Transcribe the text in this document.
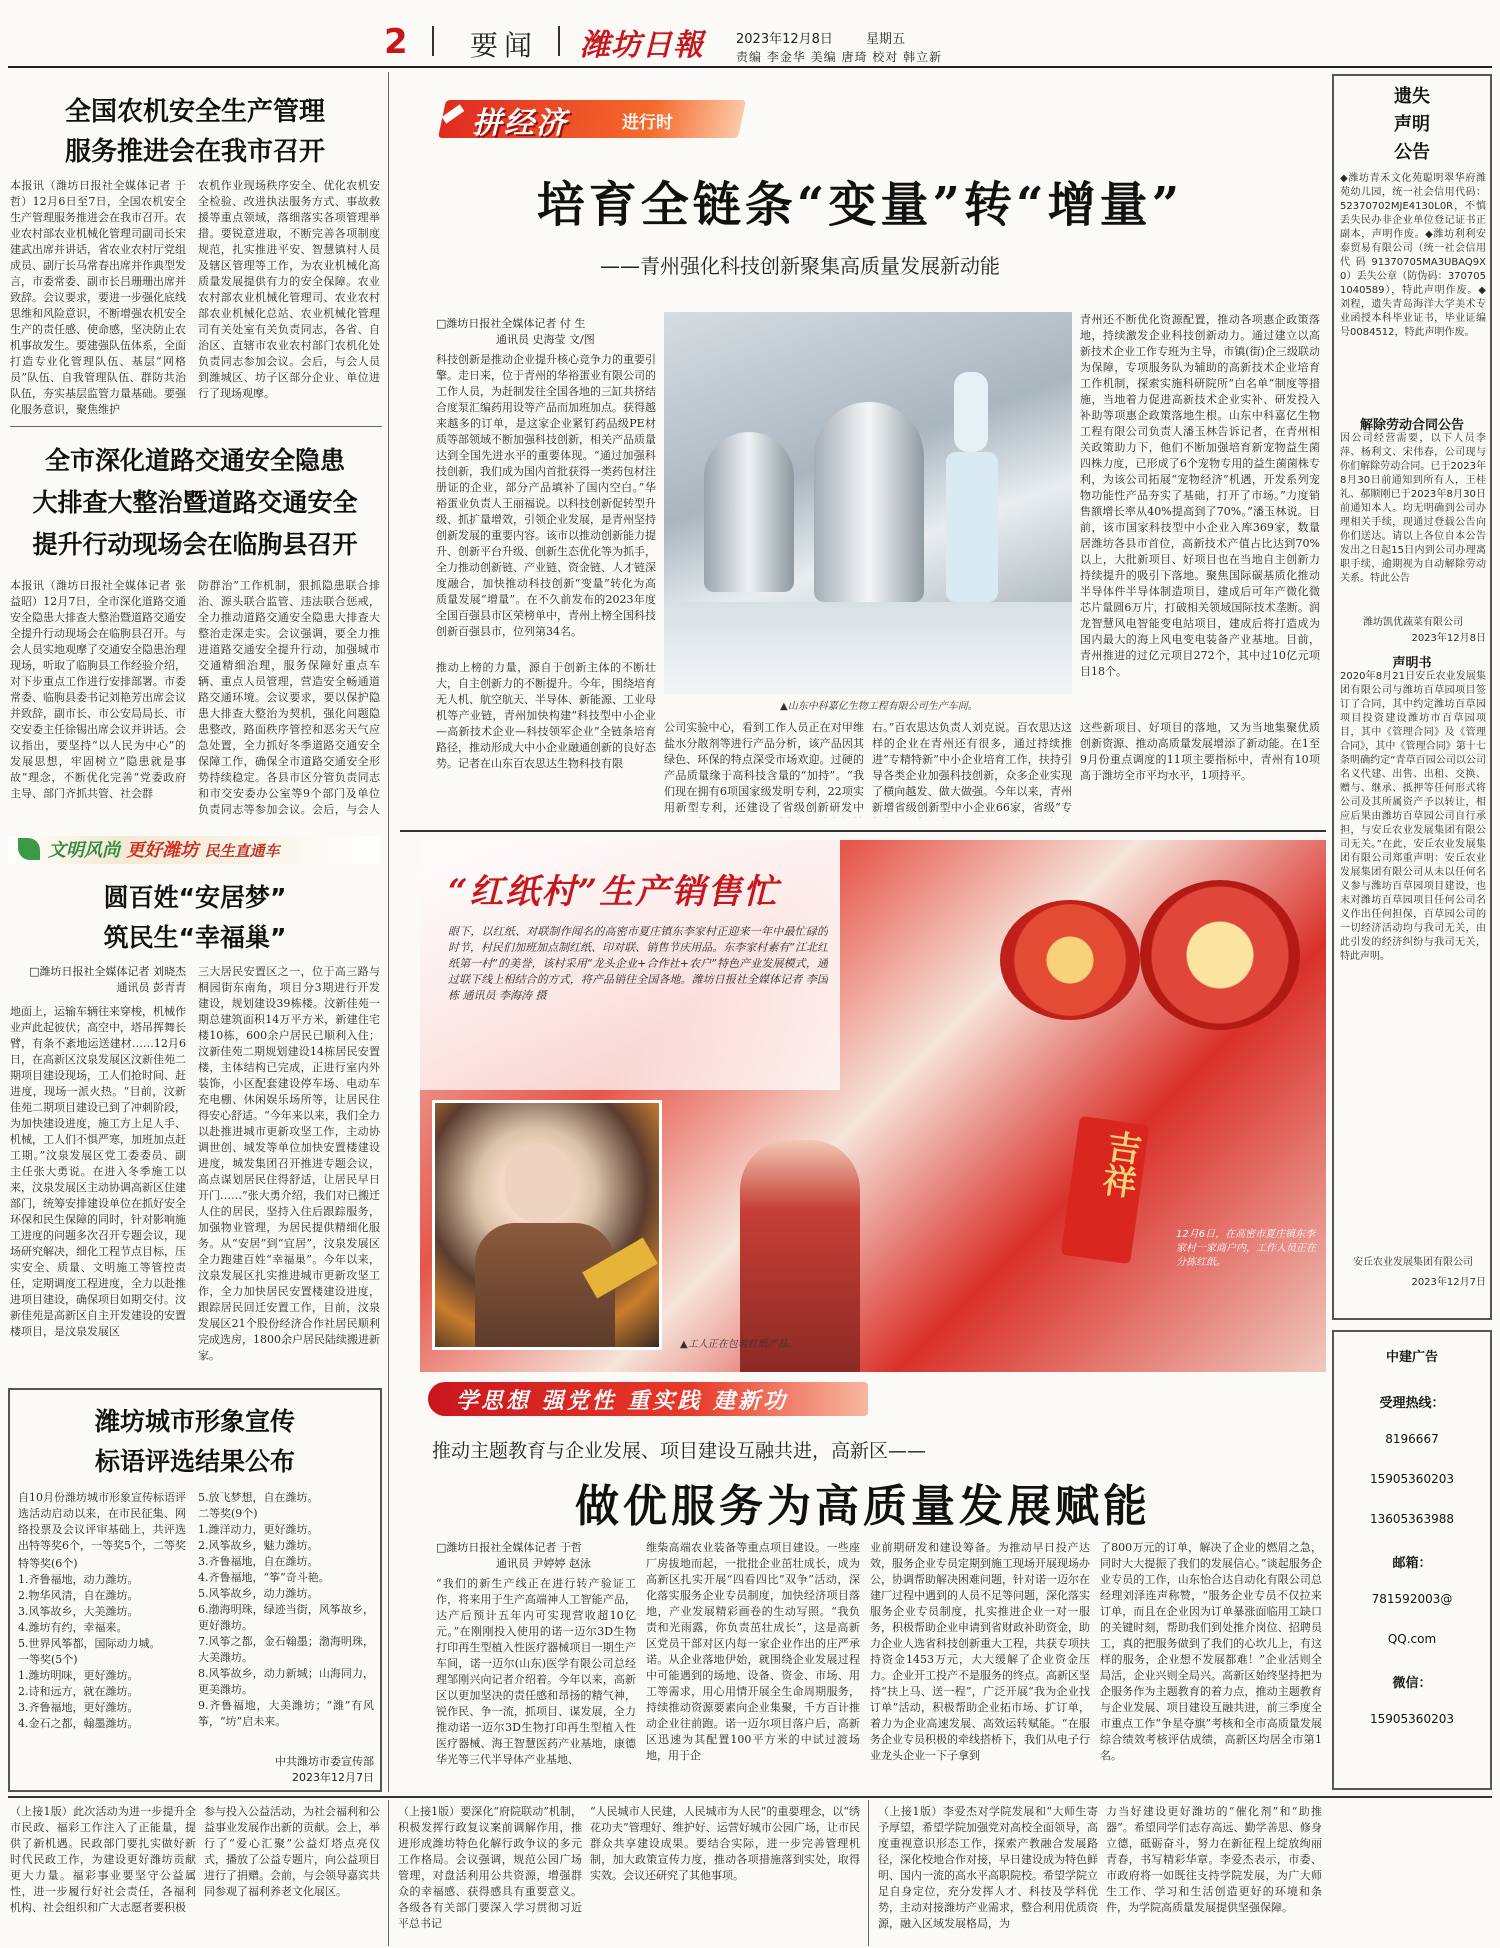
2 要闻 潍坊日報 2023年12月8日	星期五
责编 李金华 美编 唐琦 校对 韩立新
全国农机安全生产管理
服务推进会在我市召开
本报讯（潍坊日报社全媒体记者 于哲）12月6日至7日，全国农机安全生产管理服务推进会在我市召开。农业农村部农业机械化管理司副司长宋建武出席并讲话，省农业农村厅党组成员、副厅长马常春出席并作典型发言，市委常委、副市长吕珊珊出席并致辞。会议要求，要进一步强化底线思维和风险意识，不断增强农机安全生产的责任感、使命感，坚决防止农机事故发生。要建强队伍体系，全面打造专业化管理队伍、基层“网格员”队伍、自我管理队伍、群防共治队伍，夯实基层监管力量基础。要强化服务意识，聚焦维护
农机作业现场秩序安全、优化农机安全检验、改进执法服务方式、事故救援等重点领域，落细落实各项管理举措。要锐意进取，不断完善各项制度规范，扎实推进平安、智慧镇村人员及辖区管理等工作，为农业机械化高质量发展提供有力的安全保障。农业农村部农业机械化管理司、农业农村部农业机械化总站、农业机械化管理司有关处室有关负责同志，各省、自治区、直辖市农业农村部门农机化处负责同志参加会议。会后，与会人员到潍城区、坊子区部分企业、单位进行了现场观摩。
全市深化道路交通安全隐患
大排查大整治暨道路交通安全
提升行动现场会在临朐县召开
本报讯（潍坊日报社全媒体记者 张益昭）12月7日，全市深化道路交通安全隐患大排查大整治暨道路交通安全提升行动现场会在临朐县召开。与会人员实地观摩了交通安全隐患治理现场，听取了临朐县工作经验介绍，对下步重点工作进行安排部署。市委常委、临朐县委书记刘艳芳出席会议并致辞，副市长、市公安局局长、市交安委主任徐锡出席会议并讲话。会议指出，要坚持“以人民为中心”的发展思想，牢固树立“隐患就是事故”理念，不断优化完善“党委政府主导、部门齐抓共管、社会群
防群治”工作机制，狠抓隐患联合排治、源头联合监管、违法联合惩戒，全力推动道路交通安全隐患大排查大整治走深走实。会议强调，要全力推进道路交通安全提升行动，加强城市交通精细治理，服务保障好重点车辆、重点人员管理，营造安全畅通道路交通环境。会议要求，要以保护隐患大排查大整治为契机，强化问题隐患整改，路面秩序管控和恶劣天气应急处置，全力抓好冬季道路交通安全保障工作，确保全市道路交通安全形势持续稳定。各县市区分管负责同志和市交安委办公室等9个部门及单位负责同志等参加会议。会后，与会人
文明风尚 更好潍坊 民生直通车
圆百姓“安居梦”
筑民生“幸福巢”
□潍坊日报社全媒体记者 刘晓杰
通讯员 彭青青
地面上，运输车辆往来穿梭，机械作业声此起彼伏；高空中，塔吊挥舞长臂，有条不紊地运送建材……12月6日，在高新区汶泉发展区汶新佳苑二期项目建设现场，工人们抢时间、赶进度，现场一派火热。“目前，汶新佳苑二期项目建设已到了冲刺阶段，为加快建设进度，施工方上足人手、机械，工人们不惧严寒，加班加点赶工期。”汶泉发展区党工委委员、副主任张大勇说。在进入冬季施工以来，汶泉发展区主动协调高新区住建部门，统筹安排建设单位在抓好安全环保和民生保障的同时，针对影响施工进度的问题多次召开专题会议，现场研究解决，细化工程节点目标，压实安全、质量、文明施工等管控责任，定期调度工程进度，全力以赴推进项目建设，确保项目如期交付。汶新佳苑是高新区自主开发建设的安置楼项目，是汶泉发展区
三大居民安置区之一，位于高三路与桐园街东南角，项目分3期进行开发建设，规划建设39栋楼。汶新佳苑一期总建筑面积14万平方米，新建住宅楼10栋，600余户居民已顺利入住；汶新佳苑二期规划建设14栋居民安置楼，主体结构已完成，正进行室内外装饰，小区配套建设停车场、电动车充电棚、休闲娱乐场所等，让居民住得安心舒适。“今年来以来，我们全力以赴推进城市更新攻坚工作，主动协调世创、城发等单位加快安置楼建设进度，城发集团召开推进专题会议，高点谋划居民住得舒适，让居民早日开门……”张大勇介绍，我们对已搬迁人住的居民，坚持入住后跟踪服务，加强物业管理，为居民提供精细化服务。从“安居”到“宜居”，汶泉发展区全力跑建百姓“幸福巢”。今年以来，汶泉发展区扎实推进城市更新攻坚工作，全力加快居民安置楼建设进度，跟踪居民回迁安置工作，目前，汶泉发展区21个股份经济合作社居民顺利完成选房，1800余户居民陆续搬进新家。
潍坊城市形象宣传
标语评选结果公布
自10月份潍坊城市形象宣传标语评选活动启动以来，在市民征集、网络投票及会议评审基础上，共评选出特等奖6个，一等奖5个，二等奖
特等奖(6个)
1.齐鲁福地，动力潍坊。
2.物华风清，自在潍坊。
3.风筝故乡，大美潍坊。
4.潍坊有约，幸福来。
5.世界风筝都，国际动力城。
一等奖(5个)
1.潍坊明咪，更好潍坊。
2.诗和远方，就在潍坊。
3.齐鲁福地，更好潍坊。
4.金石之都，翰墨潍坊。
5.放飞梦想，自在潍坊。
二等奖(9个)
1.潍洋动力，更好潍坊。
2.风筝故乡，魅力潍坊。
3.齐鲁福地，自在潍坊。
4.齐鲁福地，“筝”奇斗艳。
5.风筝故乡，动力潍坊。
6.渤海明珠，绿迹当街，风筝故乡，更好潍坊。
7.风筝之都，金石翰墨；渤海明珠，大美潍坊。
8.风筝故乡，动力新城；山海同力，更美潍坊。
9.齐鲁福地，大美潍坊；“潍”有风筝，“坊”启未来。
中共潍坊市委宣传部
2023年12月7日
拼经济	进行时
培育全链条“变量”转“增量”
——青州强化科技创新聚集高质量发展新动能
□潍坊日报社全媒体记者 付 生
通讯员 史海莹 文/图
科技创新是推动企业提升核心竞争力的重要引擎。走日来，位于青州的华裕蛋业有限公司的工作人员，为赶制发往全国各地的三缸共挤结合度泵汇编药用设等产品而加班加点。获得越来越多的订单，是这家企业紧钉药品级PE材质等部领域不断加强科技创新，相关产品质量达到全国先进水平的重要体现。“通过加强科技创新，我们成为国内首批获得一类药包材注册证的企业，部分产品填补了国内空白。”华裕蛋业负责人王丽福说。以科技创新促转型升级、抓扩量增效，引领企业发展，是青州坚持创新发展的重要内容。该市以推动创新能力提升、创新平台升级、创新生态优化等为抓手，全力推动创新链、产业链、资金链、人才链深度融合，加快推动科技创新“变量”转化为高质量发展“增量”。在不久前发布的2023年度全国百强县市区荣榜单中，青州上榜全国科技创新百强县市，位列第34名。
▲山东中科嘉亿生物工程有限公司生产车间。
青州还不断优化资源配置，推动各项惠企政策落地，持续激发企业科技创新动力。通过建立以高新技术企业工作专班为主导，市镇(街)企三级联动为保障，专项服务队为辅助的高新技术企业培育工作机制，探索实施科研院所“白名单”制度等措施，当地着力促进高新技术企业实补、研发投入补助等项惠企政策落地生根。山东中科嘉亿生物工程有限公司负责人潘玉林告诉记者，在青州相关政策助力下，他们不断加强培育新宠物益生菌四株力度，已形成了6个宠物专用的益生菌菌株专利，为该公司拓展“宠物经济”机遇，开发系列宠物功能性产品夯实了基础，打开了市场。”力度销售额增长率从40%提高到了70%。”潘玉林说。目前，该市国家科技型中小企业入库369家，数量居潍坊各县市首位，高新技术产值占比达到70%以上，大批新项目、好项目也在当地自主创新力持续提升的吸引下落地。聚焦国际碳基质化推动半导体件半导体制造项目，建成后可年产微化微芯片量圆6万片，打破相关领域国际技术垄断。润龙智慧风电智能变电站项目，建成后将打造成为国内最大的海上风电变电装备产业基地。目前，青州推进的过亿元项目272个，其中过10亿元项目18个。
推动上榜的力量，源自于创新主体的不断壮大，自主创新力的不断提升。今年，围绕培育无人机、航空航天、半导体、新能源、工业母机等产业链，青州加快构建“科技型中小企业—高新技术企业—科技领军企业”全链条培育路径，推动形成大中小企业融通创新的良好态势。记者在山东百农思达生物科技有限
公司实验中心，看到工作人员正在对甲维盐水分散剂等进行产品分析，该产品因其绿色、环保的特点深受市场欢迎。过硬的产品质量缘于高科技含量的“加持”。“我们现在拥有6项国家级发明专利，22项实用新型专利，还建设了省级创新研发中
右。”百农思达负责人刘克说。百农思达这样的企业在青州还有很多，通过持续推进“专精特新”中小企业培育工作，扶持引导各类企业加强科技创新，众多企业实现了横向越发、做大做强。今年以来，青州新增省级创新型中小企业66家，省级“专
这些新项目、好项目的落地，又为当地集聚优质创新资源、推动高质量发展增添了新动能。在1至9月份重点调度的11项主要指标中，青州有10项高于潍坊全市平均水平，1项持平。
吉祥
“红纸村”生产销售忙
眼下，以红纸、对联制作闻名的高密市夏庄镇东李家村正迎来一年中最忙碌的时节，村民们加班加点制红纸、印对联、销售节庆用品。东李家村素有“江北红纸第一村”的美誉，该村采用“龙头企业+合作社+农户”特色产业发展模式，通过联下线上相结合的方式，将产品销往全国各地。潍坊日报社全媒体记者 李国栋 通讯员 李海涛 摄
▲工人正在包装红纸产品。
12月6日，在高密市夏庄镇东李家村一家商户内，工作人员正在分拣红纸。
学思想 强党性 重实践 建新功
推动主题教育与企业发展、项目建设互融共进，高新区——
做优服务为高质量发展赋能
□潍坊日报社全媒体记者 于哲
通讯员 尹婷婷 赵泳
“我们的新生产线正在进行转产验证工作，将来用于生产高端神人工智能产品，达产后预计五年内可实现营收超10亿元。”在刚刚投入使用的诺一迈尔3D生物打印再生型植入性医疗器械项目一期生产车间，诺一迈尔(山东)医学有限公司总经理邹刚兴向记者介绍着。今年以来，高新区以更加坚决的责任感和昂扬的精气神，锐作民、争一流，抓项目、谋发展，全力推动诺一迈尔3D生物打印再生型植入性医疗器械、海王智慧医药产业基地，康德华光等三代半导体产业基地、
维柴高端农业装备等重点项目建设。一些座厂房拔地而起，一批批企业茁壮成长，成为高新区扎实开展“四看四比”双争”活动，深化落实服务企业专员制度，加快经济项目落地，产业发展精彩画卷的生动写照。“我负责和光雨露，你负责茁壮成长”，这是高新区党员干部对区内每一家企业作出的庄严承诺。从企业落地伊始，就围绕企业发展过程中可能遇到的场地、设备、资金、市场、用工等需求，用心用情开展全生命周期服务，持续推动资源要素向企业集聚，千方百计推动企业往前跑。诺一迈尔项目落户后，高新区迅速为其配置100平方米的中试过渡场地，用于企
业前期研发和建设筹备。为推动早日投产达效，服务企业专员定期到施工现场开展现场办公，协调帮助解决困难问题，针对诺一迈尔在建厂过程中遇到的人员不足等问题，深化落实服务企业专员制度，扎实推进企业一对一服务，积极帮助企业申请到省财政补助资金，助力企业人选省科技创新重大工程，共获专项扶持资金1453万元，大大缓解了企业资金压力。企业开工投产不是服务的终点。高新区坚持“扶上马、送一程”，广泛开展“我为企业找订单”活动，积极帮助企业拓市场、扩订单，着力为企业高速发展、高效运转赋能。“在服务企业专员积极的牵线搭桥下，我们从电子行业龙头企业一下子拿到
了800万元的订单，解决了企业的燃眉之急，同时大大提振了我们的发展信心。”谈起服务企业专员的工作，山东怡合达自动化有限公司总经理刘泽连声称赞，“服务企业专员不仅拉来订单，而且在企业因为订单暴涨面临用工缺口的关键时刻，帮助我们到处推介岗位、招聘员工，真的把服务做到了我们的心坎儿上，有这样的服务，企业想不发展都难！”企业活则全局活，企业兴则全局兴。高新区始终坚持把为企服务作为主题教育的着力点，推动主题教育与企业发展、项目建设互融共进，前三季度全市重点工作“争星夺旗”考核和全市高质量发展综合绩效考核评估成绩，高新区均居全市第1名。
（上接1版）此次活动为进一步提升全市民政、福彩工作注入了正能量，提供了新机遇。民政部门要扎实做好新时代民政工作，为建设更好潍坊贡献更大力量。福彩事业要坚守公益属性，进一步履行好社会责任，各福利机构、社会组织和广大志愿者要积极
参与投入公益活动，为社会福利和公益事业发展作出新的贡献。会上，举行了“爱心汇聚”公益灯塔点亮仪式，播放了公益专题片，向公益项目进行了捐赠。会前，与会领导嘉宾共同参观了福利养老文化展区。
（上接1版）要深化“府院联动”机制，积极发挥行政复议案前调解作用，推进形成潍坊特色化解行政争议的多元工作格局。会议强调，规范公园广场管理，对盘活利用公共资源，增强群众的幸福感、获得感具有重要意义。各级各有关部门要深入学习贯彻习近平总书记
“人民城市人民建，人民城市为人民”的重要理念，以“绣花功夫”管理好、维护好、运营好城市公园广场，让市民群众共享建设成果。要结合实际，进一步完善管理机制，加大政策宣传力度，推动各项措施落到实处，取得实效。会议还研究了其他事项。
（上接1版）李爱杰对学院发展和“大师生寄予厚望，希望学院加强党对高校全面领导，高度重视意识形态工作，探索产教融合发展路径，深化校地合作对接，早日建设成为特色鲜明、国内一流的高水平高职院校。希望学院立足自身定位，充分发挥人才、科技及学科优势，主动对接潍坊产业需求，整合利用优质资源，融入区域发展格局，为
力当好建设更好潍坊的“催化剂”和“助推器”。希望同学们志存高远、勤学善思、修身立德，砥砺奋斗，努力在新征程上绽放绚丽青春，书写精彩华章。李爱杰表示，市委、市政府将一如既往支持学院发展，为广大师生工作、学习和生活创造更好的环境和条件，为学院高质量发展提供坚强保障。
遗失
声明
公告
◆潍坊青禾文化苑聪明翠华府潍苑幼儿园，统一社会信用代码：52370702MJE4130L0R，不慎丢失民办非企业单位登记证书正副本，声明作废。◆潍坊利利安泰贸易有限公司（统一社会信用代码91370705MA3UBAQ9X0）丢失公章（防伪码：3707051040589），特此声明作废。◆刘程，遗失青岛海洋大学美术专业函授本科毕业证书，毕业证编号0084512，特此声明作废。
解除劳动合同公告
因公司经营需要，以下人员李萍、杨利文、宋伟春，公司现与你们解除劳动合同。已于2023年8月30日前通知到所有人，王桂礼、郝顺刚已于2023年8月30日前通知本人。均无明确到公司办理相关手续，现通过登载公告向你们送达。请以上各位自本公告发出之日起15日内到公司办理离职手续，逾期视为自动解除劳动关系。特此公告
潍坊凯优蔬菜有限公司
2023年12月8日
声明书
2020年8月21日安丘农业发展集团有限公司与潍坊百草园项目签订了合同，其中约定潍坊百草园项目投资建设潍坊市百草园项目，其中《管理合同》及《管理合同》，其中《管理合同》第十七条明确约定“青草百园公司以公司名义代建、出售、出租、交换、赠与、继承、抵押等任何形式将公司及其所属资产予以转让，相应后果由潍坊百草园公司自行承担，与安丘农业发展集团有限公司无关。”在此，安丘农业发展集团有限公司郑重声明：安丘农业发展集团有限公司从未以任何名义参与潍坊百草园项目建设，也未对潍坊百草园项目任何公司名义作出任何担保，百草园公司的一切经济活动均与我司无关，由此引发的经济纠纷与我司无关，特此声明。
安丘农业发展集团有限公司
2023年12月7日
中建广告
受理热线：
8196667
15905360203
13605363988
邮箱：
781592003@
QQ.com
微信：
15905360203
